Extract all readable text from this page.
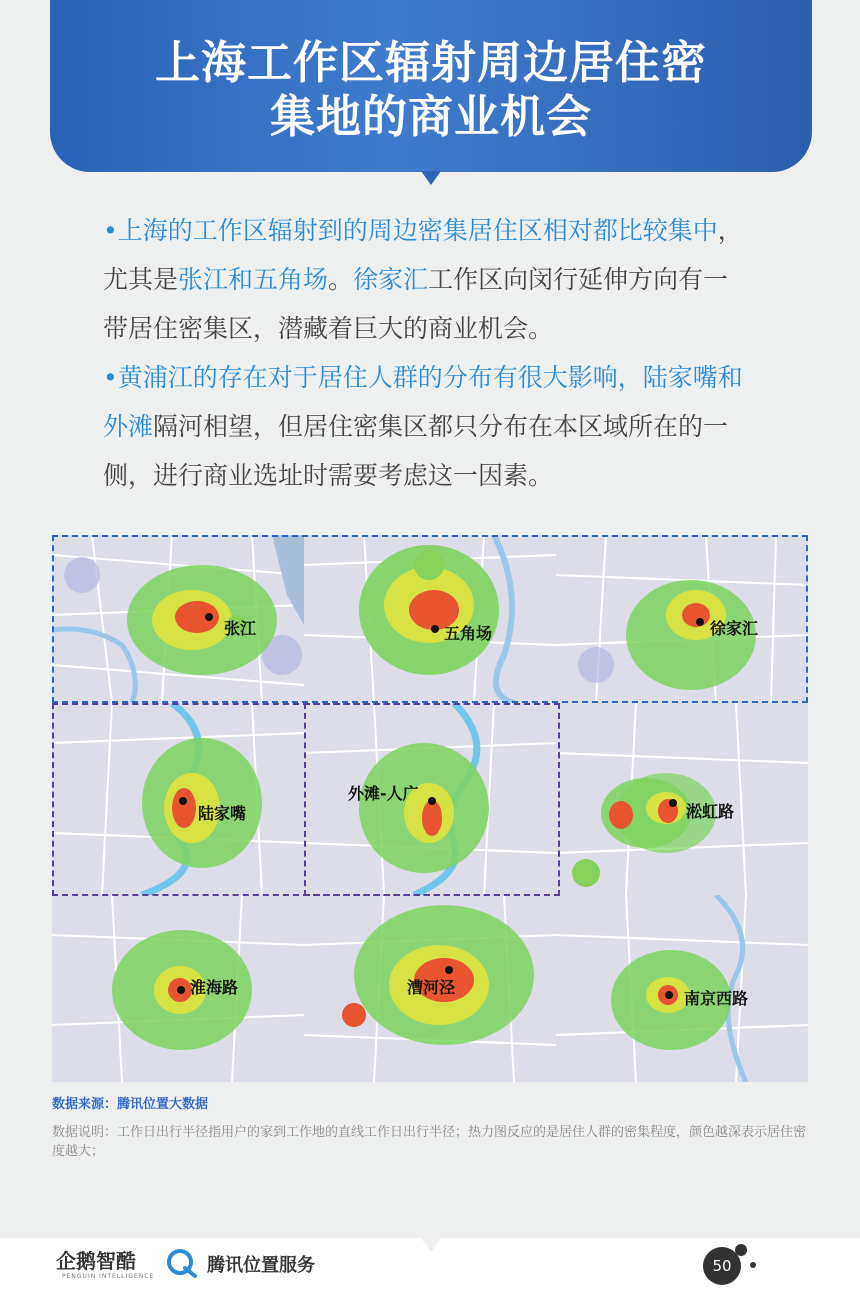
上海工作区辐射周边居住密
集地的商业机会

•上海的工作区辐射到的周边密集居住区相对都比较集中，尤其是张江和五角场。徐家汇工作区向闵行延伸方向有一带居住密集区，潜藏着巨大的商业机会。

•黄浦江的存在对于居住人群的分布有很大影响，陆家嘴和外滩隔河相望，但居住密集区都只分布在本区域所在的一侧，进行商业选址时需要考虑这一因素。

张江	五角场	徐家汇
陆家嘴
外滩-人广
淞虹路
淮海路	漕河泾
南京西路
数据来源：腾讯位置大数据
数据说明：工作日出行半径指用户的家到工作地的直线工作日出行半径；热力图反应的是居住人群的密集程度，颜色越深表示居住密度越大；
企鹅智酷
PENGUIN INTELLIGENCE
腾讯位置服务	50
